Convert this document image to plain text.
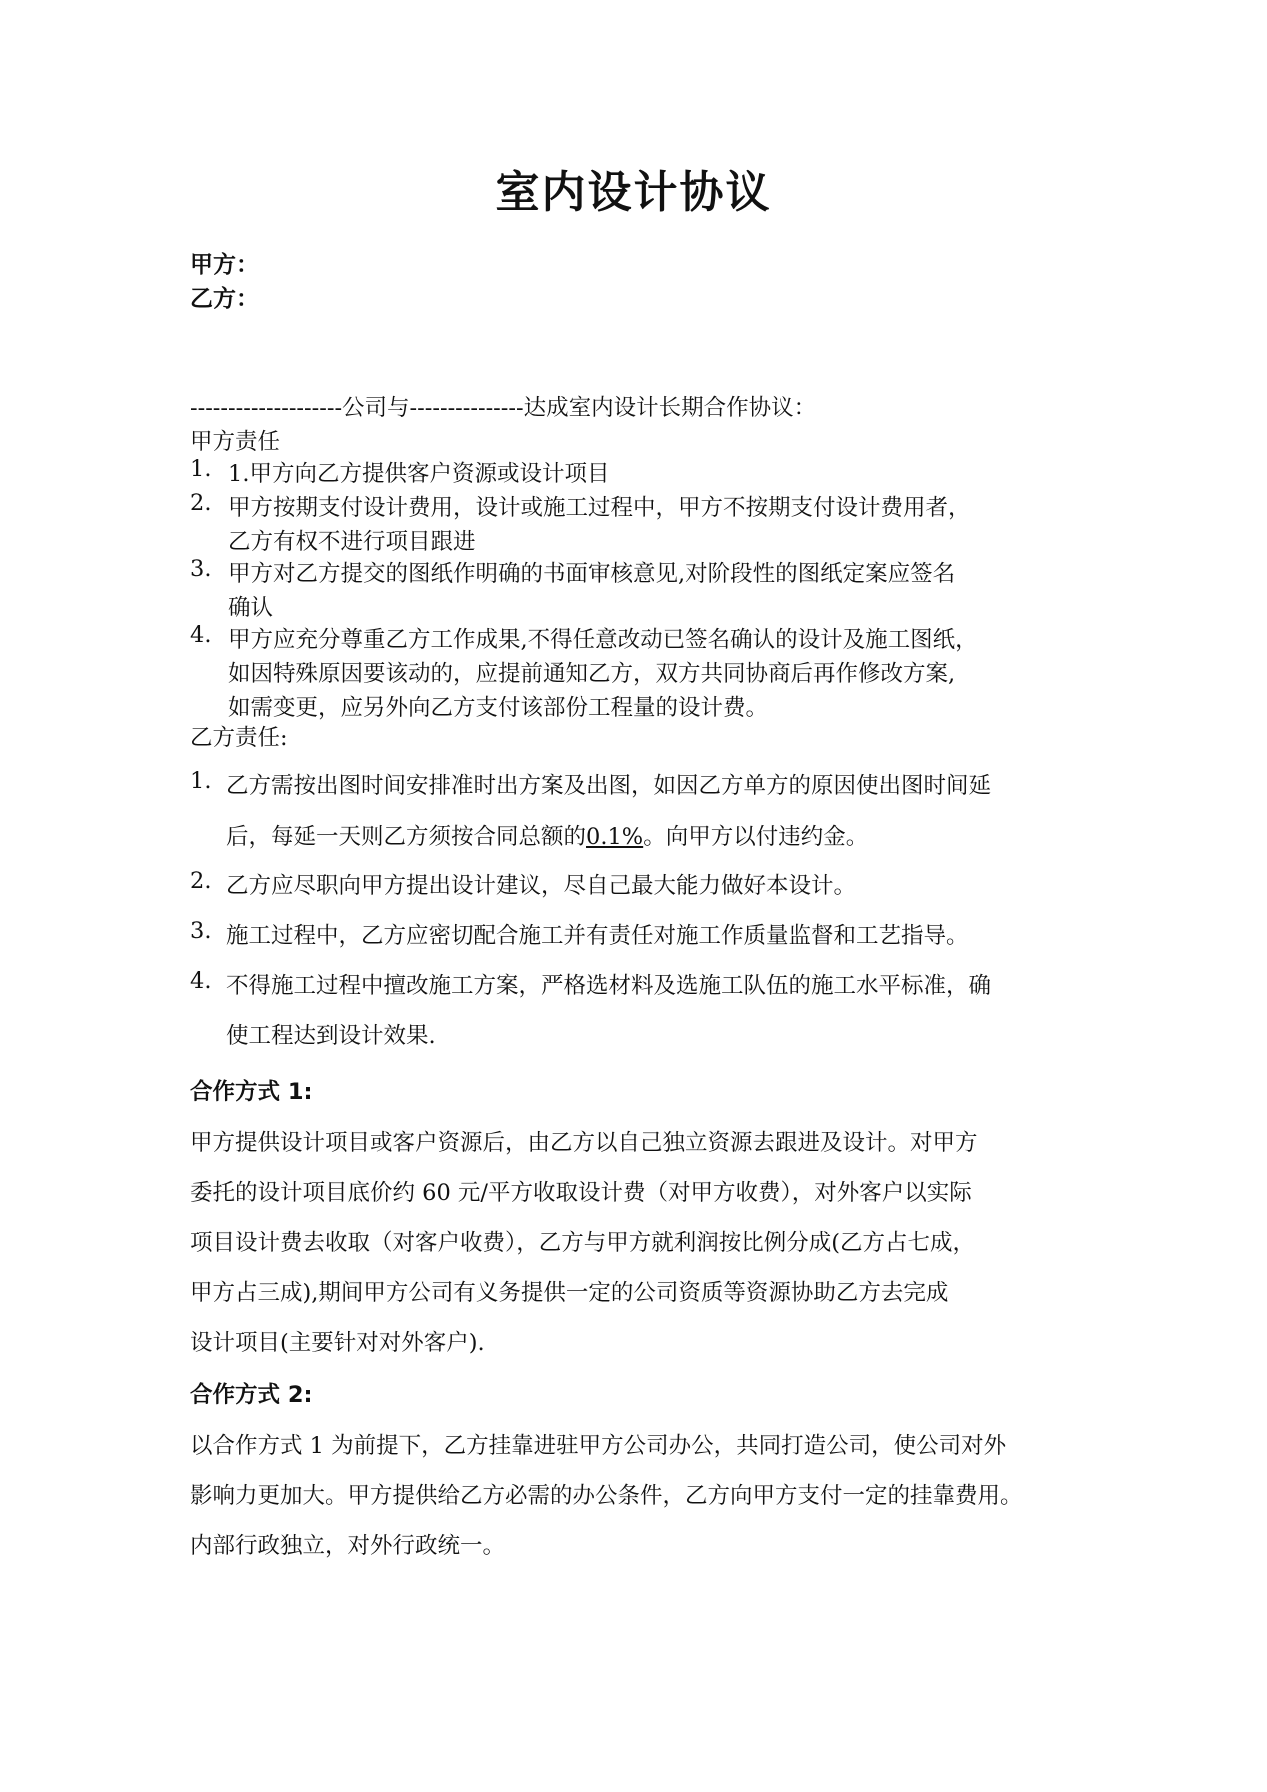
室内设计协议
甲方：
乙方：
--------------------公司与---------------达成室内设计长期合作协议：
甲方责任
1. 1.甲方向乙方提供客户资源或设计项目
2. 甲方按期支付设计费用，设计或施工过程中，甲方不按期支付设计费用者，
乙方有权不进行项目跟进
3. 甲方对乙方提交的图纸作明确的书面审核意见,对阶段性的图纸定案应签名
确认
4. 甲方应充分尊重乙方工作成果,不得任意改动已签名确认的设计及施工图纸，
如因特殊原因要该动的，应提前通知乙方，双方共同协商后再作修改方案,
如需变更，应另外向乙方支付该部份工程量的设计费。
乙方责任:
1. 乙方需按出图时间安排准时出方案及出图，如因乙方单方的原因使出图时间延
后，每延一天则乙方须按合同总额的0.1%。向甲方以付违约金。
2. 乙方应尽职向甲方提出设计建议，尽自己最大能力做好本设计。
3. 施工过程中，乙方应密切配合施工并有责任对施工作质量监督和工艺指导。
4. 不得施工过程中擅改施工方案，严格选材料及选施工队伍的施工水平标准，确
使工程达到设计效果.
合作方式 1:
甲方提供设计项目或客户资源后，由乙方以自己独立资源去跟进及设计。对甲方
委托的设计项目底价约 60 元/平方收取设计费（对甲方收费），对外客户以实际
项目设计费去收取（对客户收费），乙方与甲方就利润按比例分成(乙方占七成，
甲方占三成),期间甲方公司有义务提供一定的公司资质等资源协助乙方去完成
设计项目(主要针对对外客户).
合作方式 2:
以合作方式 1 为前提下，乙方挂靠进驻甲方公司办公，共同打造公司，使公司对外
影响力更加大。甲方提供给乙方必需的办公条件，乙方向甲方支付一定的挂靠费用。
内部行政独立，对外行政统一。
